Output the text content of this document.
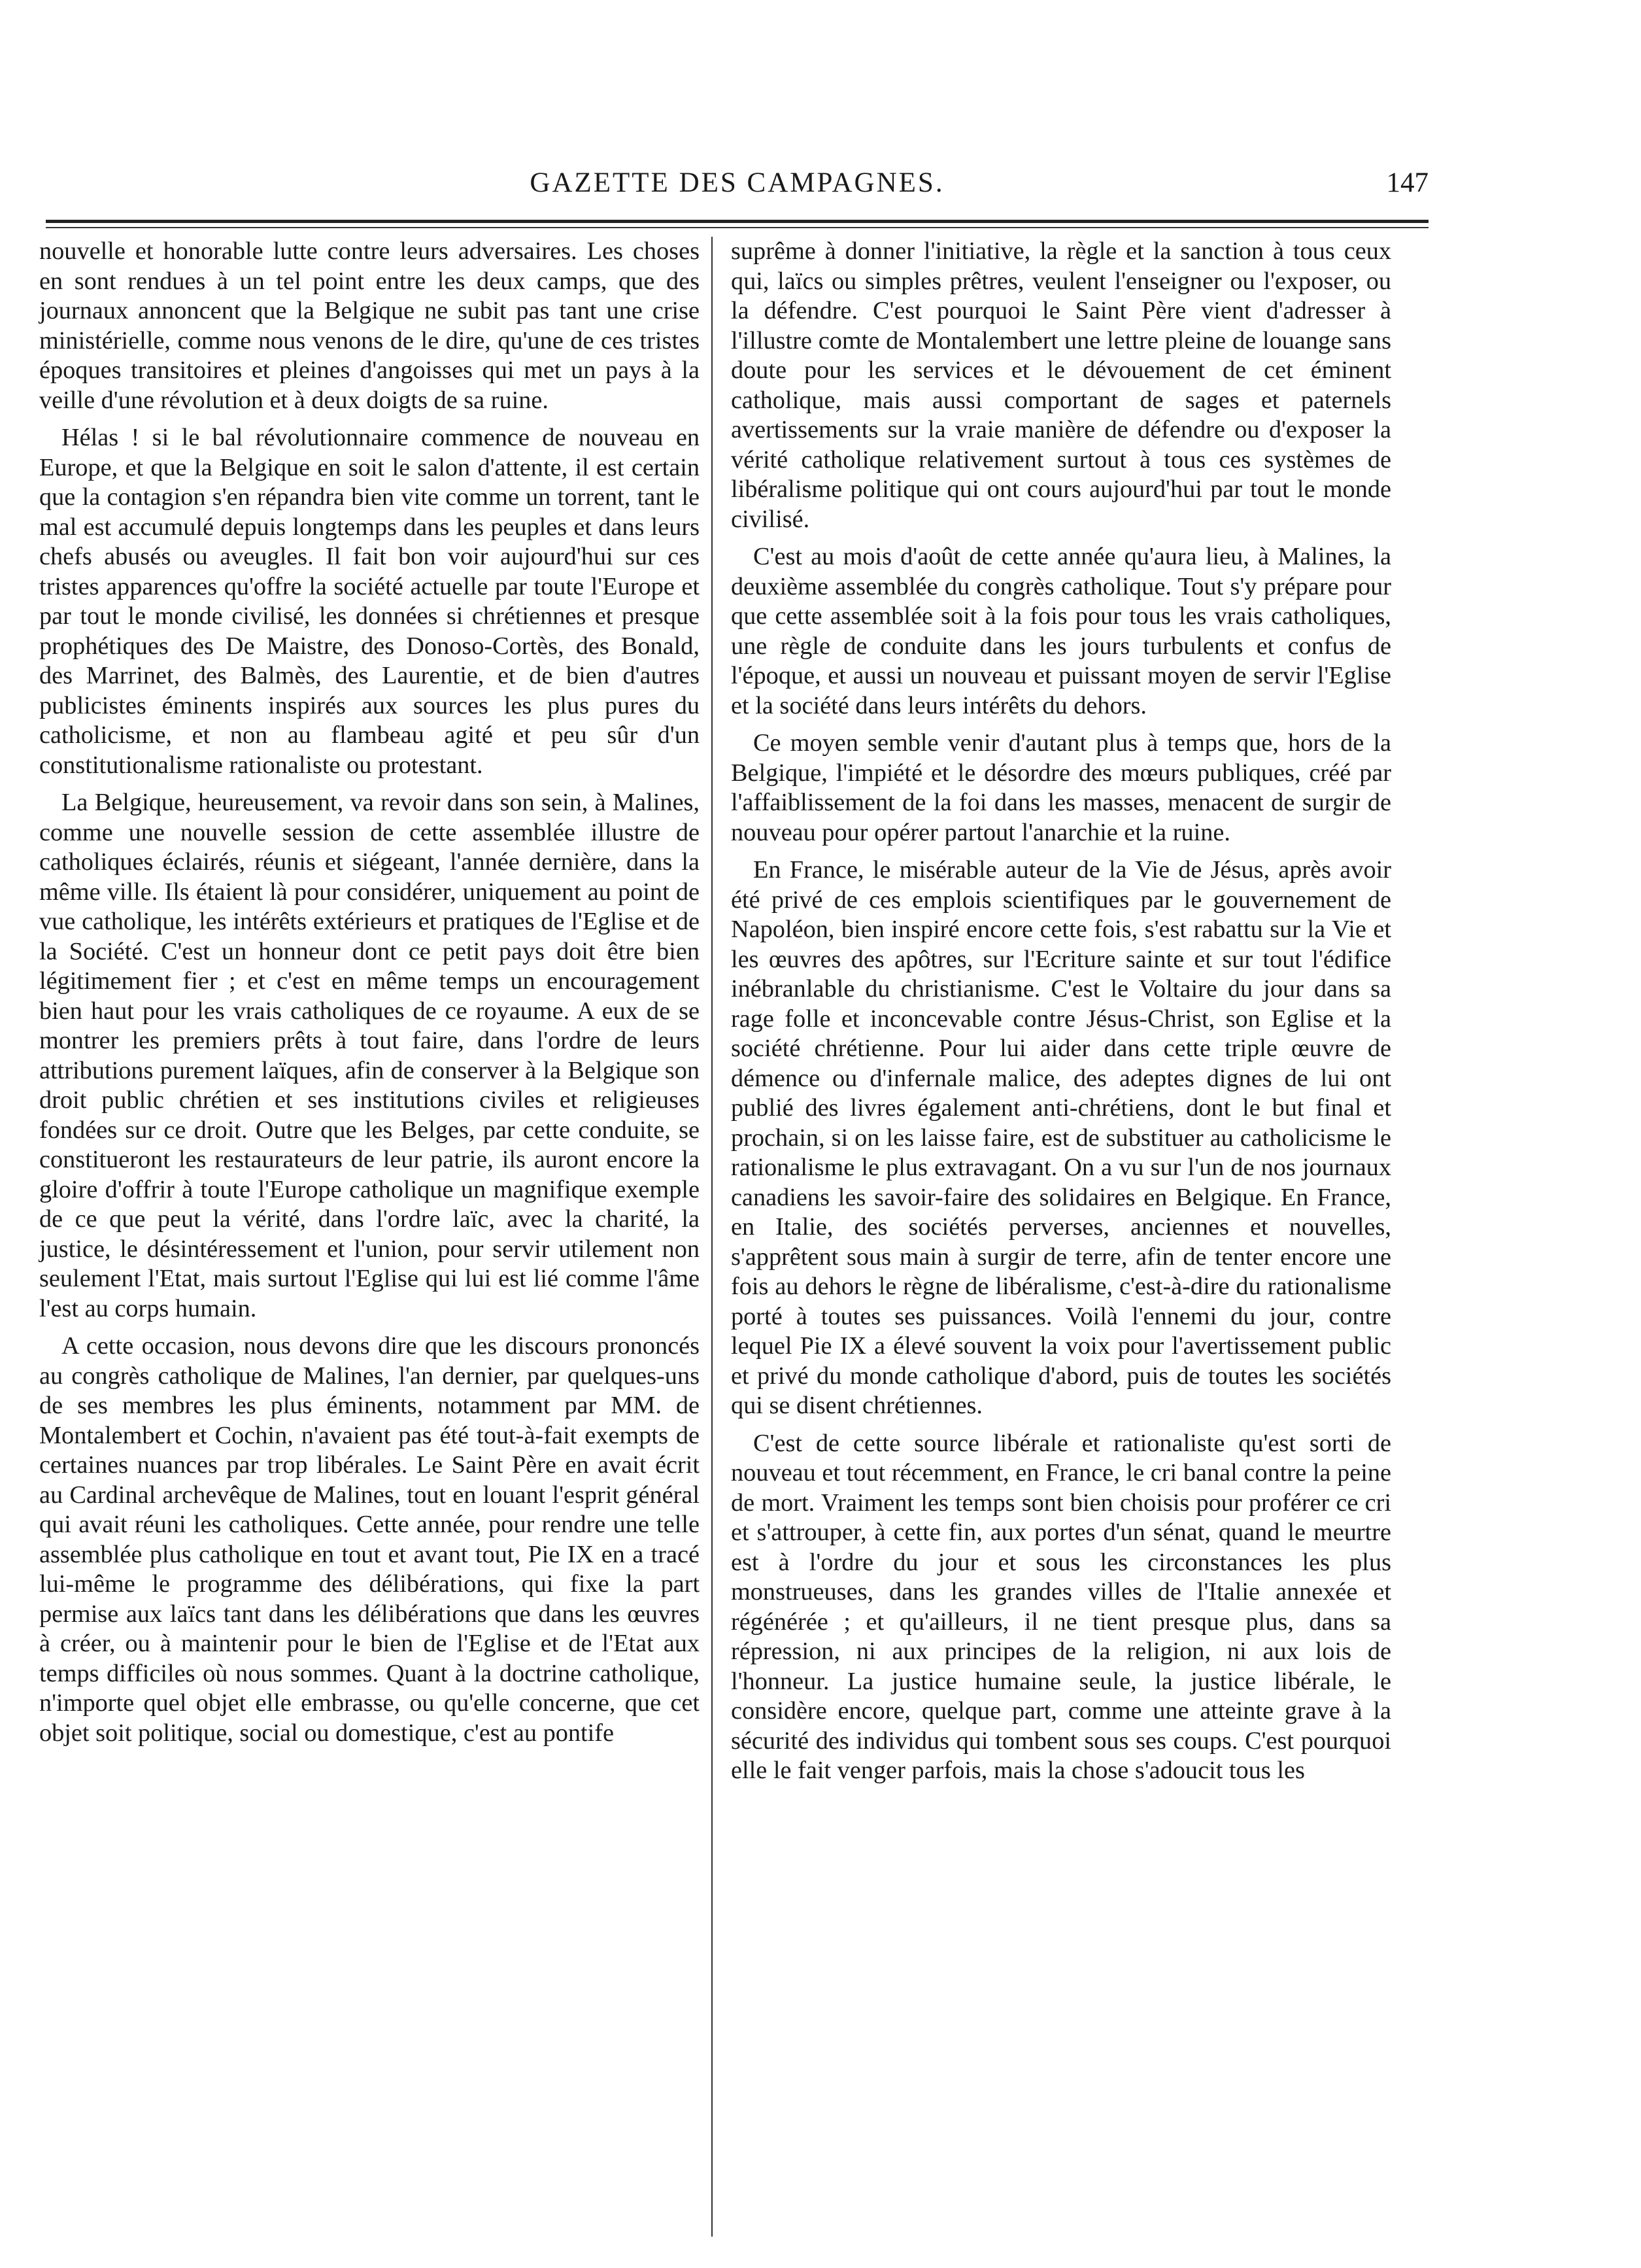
GAZETTE DES CAMPAGNES.	147

nouvelle et honorable lutte contre leurs adversaires. Les choses en sont rendues à un tel point entre les deux camps, que des journaux annoncent que la Belgique ne subit pas tant une crise ministérielle, comme nous venons de le dire, qu'une de ces tristes époques transitoires et pleines d'angoisses qui met un pays à la veille d'une révolution et à deux doigts de sa ruine.

Hélas ! si le bal révolutionnaire commence de nouveau en Europe, et que la Belgique en soit le salon d'attente, il est certain que la contagion s'en répandra bien vite comme un torrent, tant le mal est accumulé depuis longtemps dans les peuples et dans leurs chefs abusés ou aveugles. Il fait bon voir aujourd'hui sur ces tristes apparences qu'offre la société actuelle par toute l'Europe et par tout le monde civilisé, les données si chrétiennes et presque prophétiques des De Maistre, des Donoso-Cortès, des Bonald, des Marrinet, des Balmès, des Laurentie, et de bien d'autres publicistes éminents inspirés aux sources les plus pures du catholicisme, et non au flambeau agité et peu sûr d'un constitutionalisme rationaliste ou protestant.

La Belgique, heureusement, va revoir dans son sein, à Malines, comme une nouvelle session de cette assemblée illustre de catholiques éclairés, réunis et siégeant, l'année dernière, dans la même ville. Ils étaient là pour considérer, uniquement au point de vue catholique, les intérêts extérieurs et pratiques de l'Eglise et de la Société. C'est un honneur dont ce petit pays doit être bien légitimement fier ; et c'est en même temps un encouragement bien haut pour les vrais catholiques de ce royaume. A eux de se montrer les premiers prêts à tout faire, dans l'ordre de leurs attributions purement laïques, afin de conserver à la Belgique son droit public chrétien et ses institutions civiles et religieuses fondées sur ce droit. Outre que les Belges, par cette conduite, se constitueront les restaurateurs de leur patrie, ils auront encore la gloire d'offrir à toute l'Europe catholique un magnifique exemple de ce que peut la vérité, dans l'ordre laïc, avec la charité, la justice, le désintéressement et l'union, pour servir utilement non seulement l'Etat, mais surtout l'Eglise qui lui est lié comme l'âme l'est au corps humain.

A cette occasion, nous devons dire que les discours prononcés au congrès catholique de Malines, l'an dernier, par quelques-uns de ses membres les plus éminents, notamment par MM. de Montalembert et Cochin, n'avaient pas été tout-à-fait exempts de certaines nuances par trop libérales. Le Saint Père en avait écrit au Cardinal archevêque de Malines, tout en louant l'esprit général qui avait réuni les catholiques. Cette année, pour rendre une telle assemblée plus catholique en tout et avant tout, Pie IX en a tracé lui-même le programme des délibérations, qui fixe la part permise aux laïcs tant dans les délibérations que dans les œuvres à créer, ou à maintenir pour le bien de l'Eglise et de l'Etat aux temps difficiles où nous sommes. Quant à la doctrine catholique, n'importe quel objet elle embrasse, ou qu'elle concerne, que cet objet soit politique, social ou domestique, c'est au pontife

suprême à donner l'initiative, la règle et la sanction à tous ceux qui, laïcs ou simples prêtres, veulent l'enseigner ou l'exposer, ou la défendre. C'est pourquoi le Saint Père vient d'adresser à l'illustre comte de Montalembert une lettre pleine de louange sans doute pour les services et le dévouement de cet éminent catholique, mais aussi comportant de sages et paternels avertissements sur la vraie manière de défendre ou d'exposer la vérité catholique relativement surtout à tous ces systèmes de libéralisme politique qui ont cours aujourd'hui par tout le monde civilisé.

C'est au mois d'août de cette année qu'aura lieu, à Malines, la deuxième assemblée du congrès catholique. Tout s'y prépare pour que cette assemblée soit à la fois pour tous les vrais catholiques, une règle de conduite dans les jours turbulents et confus de l'époque, et aussi un nouveau et puissant moyen de servir l'Eglise et la société dans leurs intérêts du dehors.

Ce moyen semble venir d'autant plus à temps que, hors de la Belgique, l'impiété et le désordre des mœurs publiques, créé par l'affaiblissement de la foi dans les masses, menacent de surgir de nouveau pour opérer partout l'anarchie et la ruine.

En France, le misérable auteur de la Vie de Jésus, après avoir été privé de ces emplois scientifiques par le gouvernement de Napoléon, bien inspiré encore cette fois, s'est rabattu sur la Vie et les œuvres des apôtres, sur l'Ecriture sainte et sur tout l'édifice inébranlable du christianisme. C'est le Voltaire du jour dans sa rage folle et inconcevable contre Jésus-Christ, son Eglise et la société chrétienne. Pour lui aider dans cette triple œuvre de démence ou d'infernale malice, des adeptes dignes de lui ont publié des livres également anti-chrétiens, dont le but final et prochain, si on les laisse faire, est de substituer au catholicisme le rationalisme le plus extravagant. On a vu sur l'un de nos journaux canadiens les savoir-faire des solidaires en Belgique. En France, en Italie, des sociétés perverses, anciennes et nouvelles, s'apprêtent sous main à surgir de terre, afin de tenter encore une fois au dehors le règne de libéralisme, c'est-à-dire du rationalisme porté à toutes ses puissances. Voilà l'ennemi du jour, contre lequel Pie IX a élevé souvent la voix pour l'avertissement public et privé du monde catholique d'abord, puis de toutes les sociétés qui se disent chrétiennes.

C'est de cette source libérale et rationaliste qu'est sorti de nouveau et tout récemment, en France, le cri banal contre la peine de mort. Vraiment les temps sont bien choisis pour proférer ce cri et s'attrouper, à cette fin, aux portes d'un sénat, quand le meurtre est à l'ordre du jour et sous les circonstances les plus monstrueuses, dans les grandes villes de l'Italie annexée et régénérée ; et qu'ailleurs, il ne tient presque plus, dans sa répression, ni aux principes de la religion, ni aux lois de l'honneur. La justice humaine seule, la justice libérale, le considère encore, quelque part, comme une atteinte grave à la sécurité des individus qui tombent sous ses coups. C'est pourquoi elle le fait venger parfois, mais la chose s'adoucit tous les
